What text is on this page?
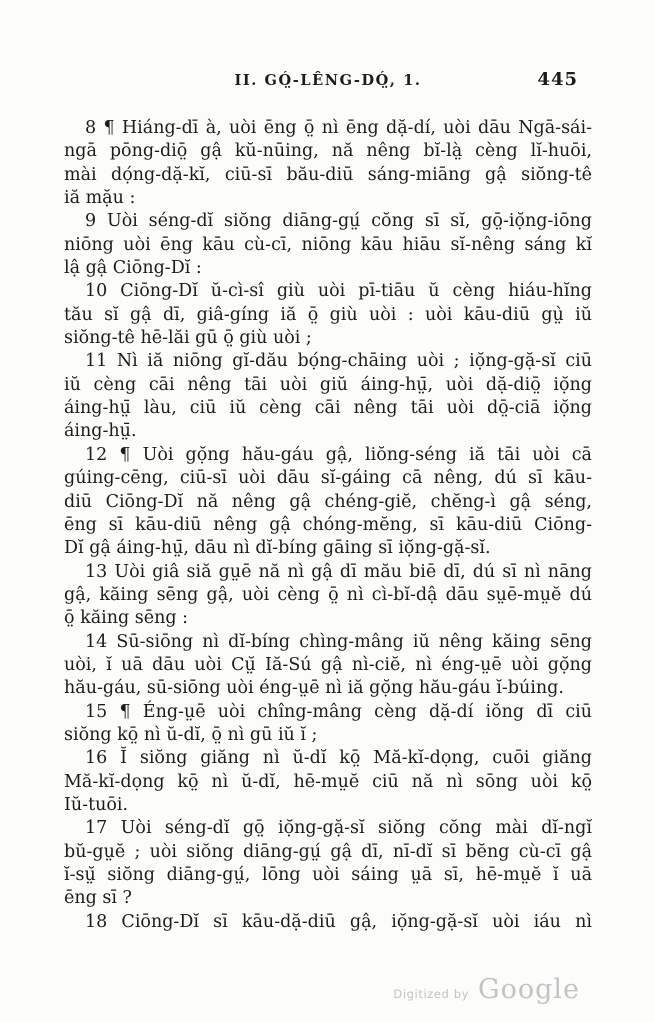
II. GÓ̤-LÊNG-DÓ̤, 1.	445
8 ¶ Hiáng-dī à, uòi ēng ō̤ nì ēng dặ-dí, uòi dāu Ngā-sái-
ngā pōng-diō̤ gậ kŭ-nūing, nă nêng bĭ-là̤ cèng lĭ-huōi,
mài dọ́ng-dặ-kĭ, ciū-sī bău-diū sáng-miāng gậ siŏng-tê
iă mặu :
9 Uòi séng-dĭ siŏng diāng-gṳ́ cŏng sī sĭ, gō̤-iọ̆ng-iōng
niōng uòi ēng kāu cù-cī, niōng kāu hiāu sĭ-nêng sáng kĭ
lậ gậ Ciōng-Dĭ :
10 Ciōng-Dĭ ŭ-cì-sî giù uòi pī-tiāu ŭ cèng hiáu-hĭng
tău sĭ gậ dī, giâ-gíng iă ō̤ giù uòi : uòi kāu-diū gṳ̀ iŭ
siŏng-tê hē-lăi gū ō̤ giù uòi ;
11 Nì iă niōng gĭ-dău bọ́ng-chāing uòi ; iọ̆ng-gặ-sĭ ciū
iŭ cèng cāi nêng tāi uòi giŭ áing-hṳ̄, uòi dặ-diō̤ iọ̆ng
áing-hṳ̄ làu, ciū iŭ cèng cāi nêng tāi uòi dō̤-ciā iọ̆ng
áing-hṳ̄.
12 ¶ Uòi gọ̆ng hău-gáu gậ, liŏng-séng iă tāi uòi cā
gúing-cēng, ciū-sī uòi dāu sĭ-gáing cā nêng, dú sī kāu-
diū Ciōng-Dĭ nă nêng gậ chéng-giĕ, chĕng-ì gậ séng,
ēng sī kāu-diū nêng gậ chóng-mĕng, sī kāu-diū Ciōng-
Dĭ gậ áing-hṳ̄, dāu nì dĭ-bíng gāing sī iọ̆ng-gặ-sĭ.
13 Uòi giâ siă gṳē nă nì gậ dī mău biē dī, dú sī nì nāng
gậ, kăing sēng gậ, uòi cèng ō̤ nì cì-bĭ-dậ dāu sṳē-mṳĕ dú
ō̤ kăing sēng :
14 Sū-siōng nì dĭ-bíng chìng-mâng iŭ nêng kăing sēng
uòi, ĭ uā dāu uòi Cṳ̆ Iă-Sú gậ nì-ciĕ, nì éng-ṳē uòi gọ̆ng
hău-gáu, sū-siōng uòi éng-ṳē nì iă gọ̆ng hău-gáu ĭ-búing.
15 ¶ Éng-ṳē uòi chîng-mâng cèng dặ-dí iŏng dī ciū
siŏng kō̤ nì ŭ-dĭ, ō̤ nì gū iŭ ĭ ;
16 Ĭ siŏng giăng nì ŭ-dĭ kō̤ Mă-kĭ-dọng, cuōi giăng
Mă-kĭ-dọng kō̤ nì ŭ-dĭ, hē-mṳĕ ciū nă nì sōng uòi kō̤
Iŭ-tuōi.
17 Uòi séng-dĭ gō̤ iọ̆ng-gặ-sĭ siŏng cŏng mài dĭ-ngĭ
bŭ-gṳĕ ; uòi siŏng diāng-gṳ́ gậ dī, nī-dĭ sī bĕng cù-cī gậ
ĭ-sṳ̆ siŏng diāng-gṳ́, lōng uòi sáing ṳā sī, hē-mṳĕ ĭ uā
ēng sī ?
18 Ciōng-Dĭ sī kāu-dặ-diū gậ, iọ̆ng-gặ-sĭ uòi iáu nì
Digitized by Google
